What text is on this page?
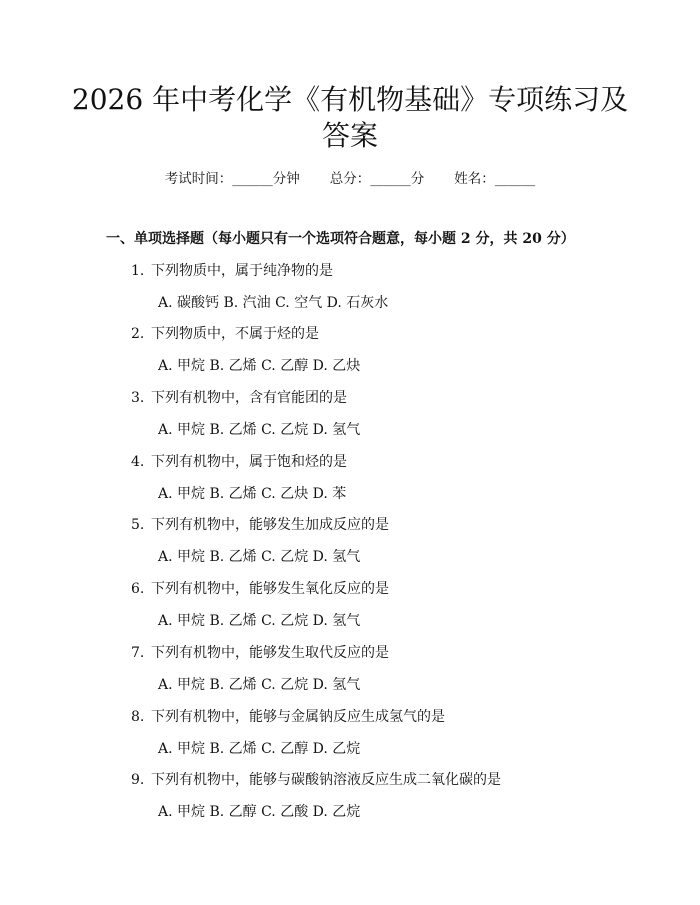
2026 年中考化学《有机物基础》专项练习及
答案
考试时间：______分钟 总分：______分 姓名：______
一、单项选择题（每小题只有一个选项符合题意，每小题 2 分，共 20 分）
1. 下列物质中，属于纯净物的是
A. 碳酸钙 B. 汽油 C. 空气 D. 石灰水
2. 下列物质中，不属于烃的是
A. 甲烷 B. 乙烯 C. 乙醇 D. 乙炔
3. 下列有机物中，含有官能团的是
A. 甲烷 B. 乙烯 C. 乙烷 D. 氢气
4. 下列有机物中，属于饱和烃的是
A. 甲烷 B. 乙烯 C. 乙炔 D. 苯
5. 下列有机物中，能够发生加成反应的是
A. 甲烷 B. 乙烯 C. 乙烷 D. 氢气
6. 下列有机物中，能够发生氧化反应的是
A. 甲烷 B. 乙烯 C. 乙烷 D. 氢气
7. 下列有机物中，能够发生取代反应的是
A. 甲烷 B. 乙烯 C. 乙烷 D. 氢气
8. 下列有机物中，能够与金属钠反应生成氢气的是
A. 甲烷 B. 乙烯 C. 乙醇 D. 乙烷
9. 下列有机物中，能够与碳酸钠溶液反应生成二氧化碳的是
A. 甲烷 B. 乙醇 C. 乙酸 D. 乙烷
